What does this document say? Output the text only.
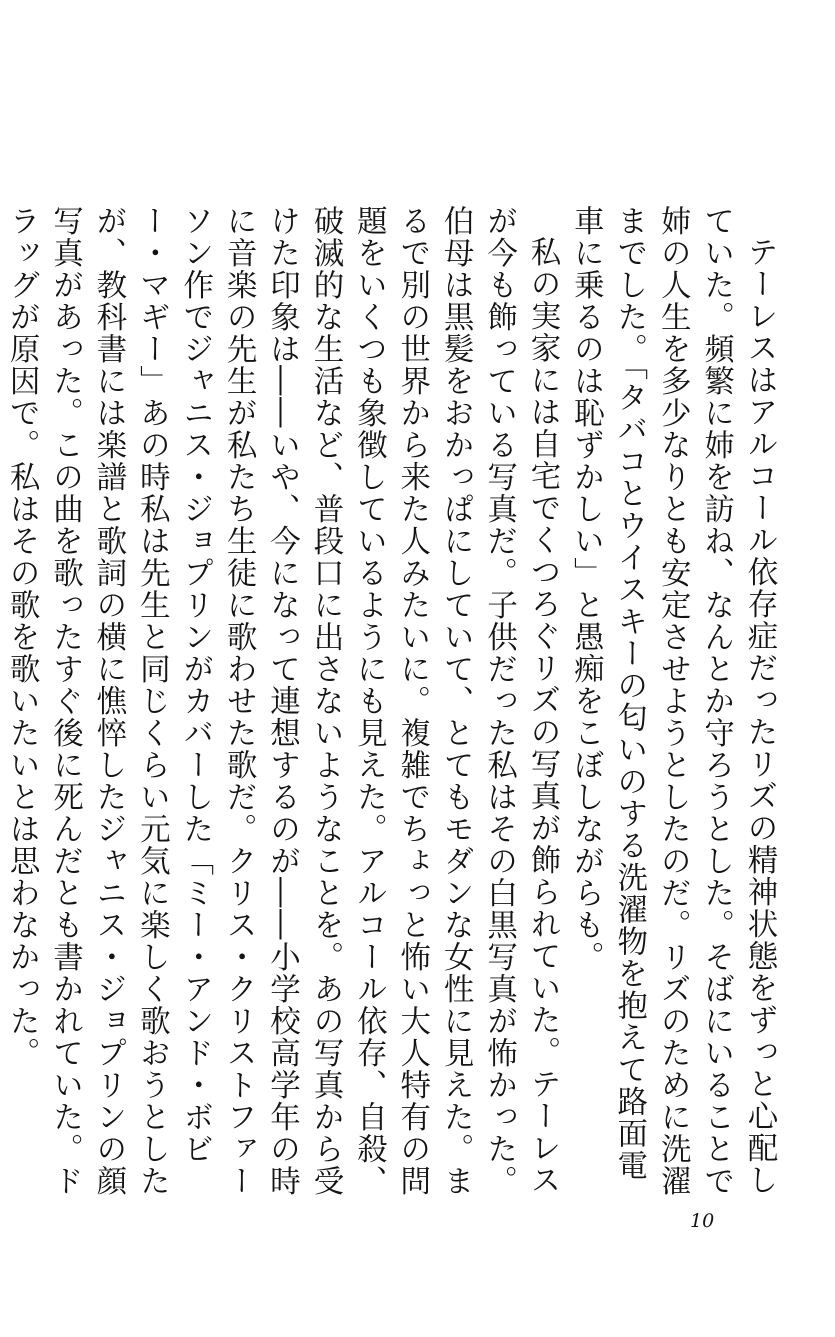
テーレスはアルコール依存症だったリズの精神状態をずっと心配していた。頻繁に姉を訪ね、なんとか守ろうとした。そばにいることで姉の人生を多少なりとも安定させようとしたのだ。リズのために洗濯までした。「タバコとウイスキーの匂いのする洗濯物を抱えて路面電車に乗るのは恥ずかしい」と愚痴をこぼしながらも。

私の実家には自宅でくつろぐリズの写真が飾られていた。テーレスが今も飾っている写真だ。子供だった私はその白黒写真が怖かった。伯母は黒髪をおかっぱにしていて、とてもモダンな女性に見えた。まるで別の世界から来た人みたいに。複雑でちょっと怖い大人特有の問題をいくつも象徴しているようにも見えた。アルコール依存、自殺、破滅的な生活など、普段口に出さないようなことを。あの写真から受けた印象は――いや、今になって連想するのが――小学校高学年の時に音楽の先生が私たち生徒に歌わせた歌だ。クリス・クリストファーソン作でジャニス・ジョプリンがカバーした「ミー・アンド・ボビー・マギー」あの時私は先生と同じくらい元気に楽しく歌おうとしたが、教科書には楽譜と歌詞の横に憔悴したジャニス・ジョプリンの顔写真があった。この曲を歌ったすぐ後に死んだとも書かれていた。ドラッグが原因で。私はその歌を歌いたいとは思わなかった。

10
